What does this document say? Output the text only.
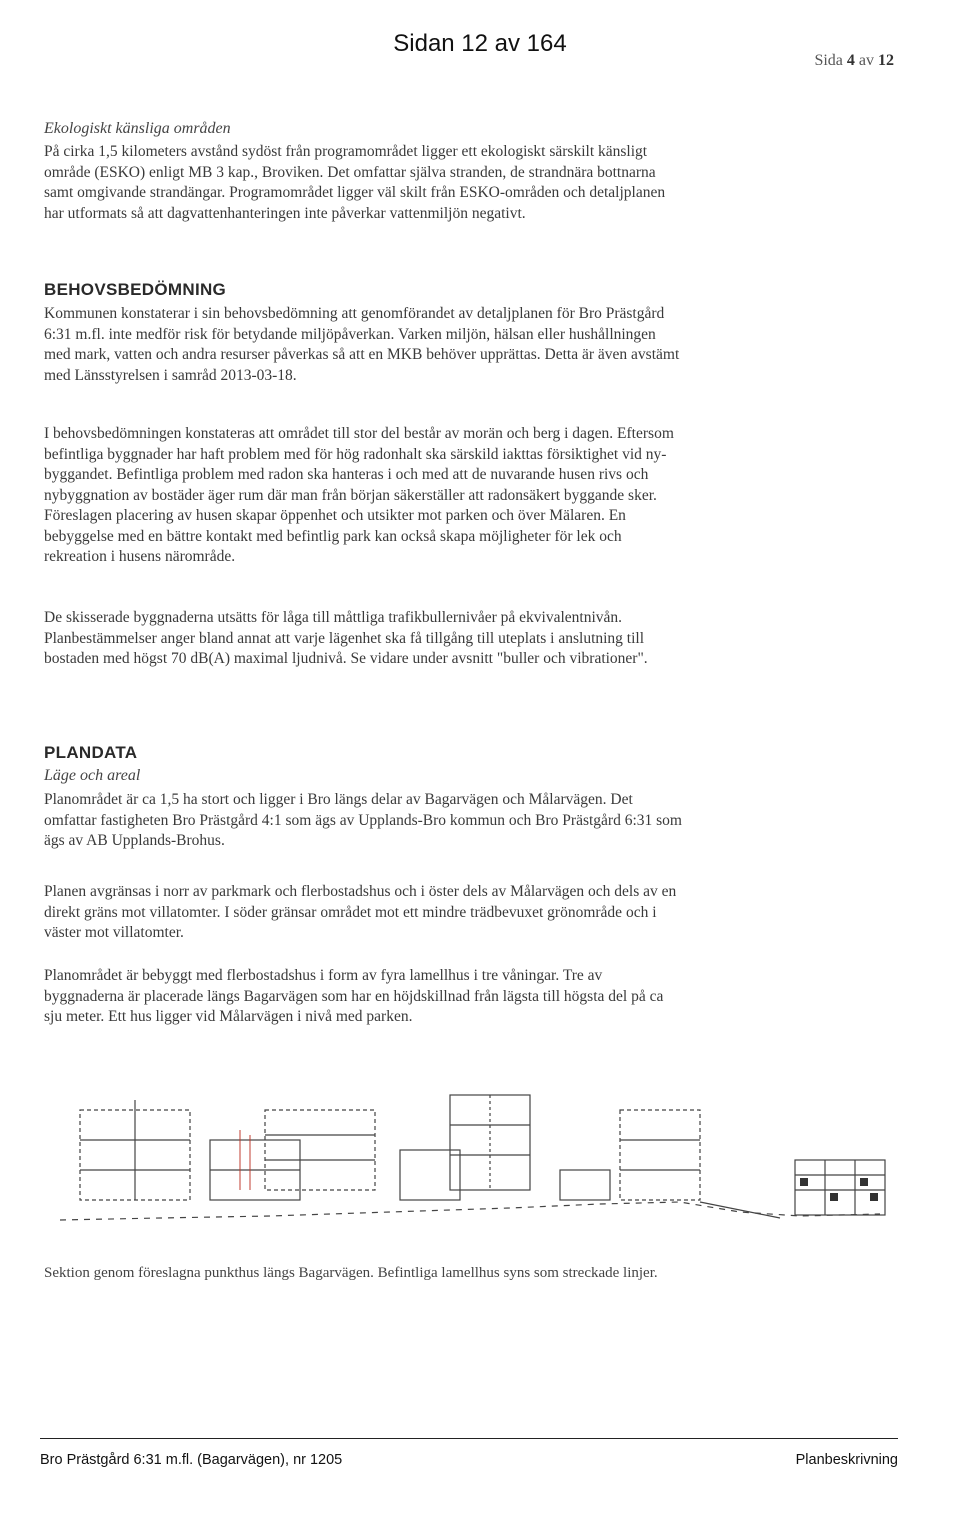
Sidan 12 av 164
Sida 4 av 12
Ekologiskt känsliga områden
På cirka 1,5 kilometers avstånd sydöst från programområdet ligger ett ekologiskt särskilt känsligt
område (ESKO) enligt MB 3 kap., Broviken. Det omfattar själva stranden, de strandnära bottnarna
samt omgivande strandängar. Programområdet ligger väl skilt från ESKO-områden och detaljplanen
har utformats så att dagvattenhanteringen inte påverkar vattenmiljön negativt.
BEHOVSBEDÖMNING
Kommunen konstaterar i sin behovsbedömning att genomförandet av detaljplanen för Bro Prästgård
6:31 m.fl. inte medför risk för betydande miljöpåverkan. Varken miljön, hälsan eller hushållningen
med mark, vatten och andra resurser påverkas så att en MKB behöver upprättas. Detta är även avstämt
med Länsstyrelsen i samråd 2013-03-18.
I behovsbedömningen konstateras att området till stor del består av morän och berg i dagen. Eftersom
befintliga byggnader har haft problem med för hög radonhalt ska särskild iakttas försiktighet vid ny-
byggandet. Befintliga problem med radon ska hanteras i och med att de nuvarande husen rivs och
nybyggnation av bostäder äger rum där man från början säkerställer att radonsäkert byggande sker.
Föreslagen placering av husen skapar öppenhet och utsikter mot parken och över Mälaren. En
bebyggelse med en bättre kontakt med befintlig park kan också skapa möjligheter för lek och
rekreation i husens närområde.
De skisserade byggnaderna utsätts för låga till måttliga trafikbullernivåer på ekvivalentnivån.
Planbestämmelser anger bland annat att varje lägenhet ska få tillgång till uteplats i anslutning till
bostaden med högst 70 dB(A) maximal ljudnivå. Se vidare under avsnitt "buller och vibrationer".
PLANDATA
Läge och areal
Planområdet är ca 1,5 ha stort och ligger i Bro längs delar av Bagarvägen och Målarvägen. Det
omfattar fastigheten Bro Prästgård 4:1 som ägs av Upplands-Bro kommun och Bro Prästgård 6:31 som
ägs av AB Upplands-Brohus.
Planen avgränsas i norr av parkmark och flerbostadshus och i öster dels av Målarvägen och dels av en
direkt gräns mot villatomter. I söder gränsar området mot ett mindre trädbevuxet grönområde och i
väster mot villatomter.
Planområdet är bebyggt med flerbostadshus i form av fyra lamellhus i tre våningar. Tre av
byggnaderna är placerade längs Bagarvägen som har en höjdskillnad från lägsta till högsta del på ca
sju meter. Ett hus ligger vid Målarvägen i nivå med parken.
Sektion genom föreslagna punkthus längs Bagarvägen. Befintliga lamellhus syns som streckade linjer.
Bro Prästgård 6:31 m.fl. (Bagarvägen), nr 1205	Planbeskrivning
